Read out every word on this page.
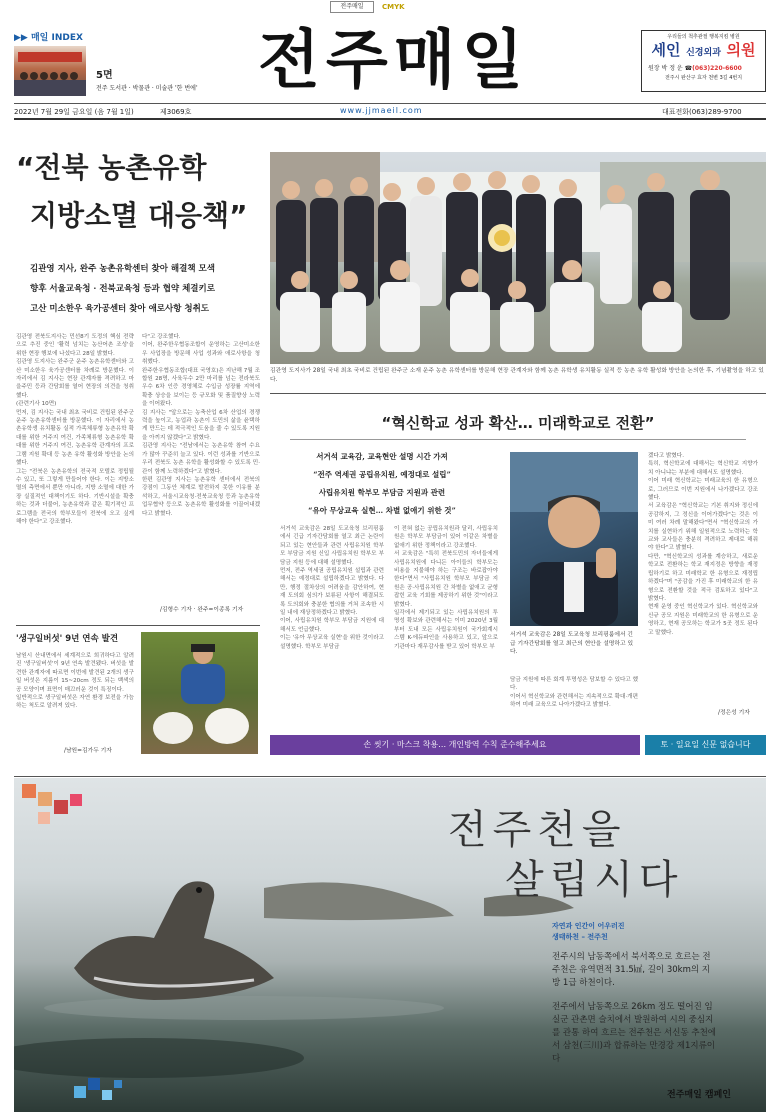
전주매일	CMYK
▶▶ 매일 INDEX
5면
전주 도서관 · 박물관 · 미술관 '한 번에' 전주매일	우리들의 척추관절 행복지킴 병원
세인 신경외과 의원
원장 박 정 운 ☎(063)220-6600
전주시 완산구 효자 천변 3길 4번지
2022년 7월 29일 금요일 (음 7월 1일)	제3069호	www.jjmaeil.com	대표전화(063)289-9700
“전북 농촌유학
지방소멸 대응책”
김관영 지사, 완주 농촌유학센터 찾아 해결책 모색
향후 서울교육청 · 전북교육청 등과 협약 체결키로
고산 미소한우 육가공센터 찾아 애로사항 청취도
김관영 전북도지사는 민선8기 도정의 핵심 전략으로 추진 중인 '활력 넘치는 농산어촌 조성'을 위한 현장 행보에 나섰다고 28일 밝혔다.
김관영 도지사는 완주군 운주 농촌유학센터와 고산 미소한우 육가공센터를 차례로 방문했다. 이 자리에서 김 지사는 현장 관계자를 격려하고 마을주민 등과 간담회를 열어 현장의 의견을 청취했다.
(관련기사 10면)
먼저, 김 지사는 국내 최초 국비로 건립된 완주군 운주 농촌유학센터를 방문했다. 이 자리에서 농촌유학생 유치활동 실적 가족체류형 농촌유학 확대를 위한 거주지 여건, 가족체류형 농촌유학 확대를 위한 거주지 여건, 농촌유학 관계자의 프로그램 지원 확대 등 농촌 유학 활성화 방안을 논의했다.
그는 "전북은 농촌유학의 전국적 모델로 정립될 수 있고, 또 그렇게 만들어야 한다. 이는 지방소멸의 측면에서 뿐만 아니라, 지방 소멸에 대한 가장 실질적인 대책이기도 하다. 기반시설을 확충하는 것과 더불어, 농촌유학과 같은 획기적인 프로그램을 전국의 학부모들이 전북에 오고 싶게 해야 한다"고 강조했다.
다"고 강조했다.
이어, 완주한우협동조합이 운영하는 고산미소한우 사업장을 방문해 사업 성과와 애로사항을 청취했다.
완주한우협동조합(대표 국영호)은 지난해 7월 조합원 28명, 사육두수 2만 마리를 넘는 전라북도 우수 6차 인증 경영체로 수입금 성장률 지역에 확충 상승을 보이는 등 규모화 및 품질향상 노력을 이어왔다.
김 지사는 "앞으로는 농축산업 6차 산업의 경쟁력을 높이고, 농업과 농촌이 도민의 삶을 윤택하게 만드는 데 적극적인 도움을 줄 수 있도록 지원을 아끼지 않겠다"고 밝혔다.
김관영 지사는 "전남에서는 농촌유학 참여 수요가 많아 꾸준히 늘고 있다. 이런 성과를 기반으로 우리 전북도 농촌 유학을 활성화할 수 있도록 민·관이 함께 노력하겠다"고 밝혔다.
한편 김관영 지사는 농촌유학 센터에서 전북의 강점이 그동안 체계로 발전하지 못한 이유를 분석하고, 서울시교육청·전북교육청 등과 농촌유학 업무협약 등으로 농촌유학 활성화를 이끌어내겠다고 밝혔다.
/김형수 기자 · 완주=이종록 기자
김관영 도지사가 28일 국내 최초 국비로 건립된 완주군 소재 운주 농촌 유학센터를 방문해 현장 관계자와 함께 농촌 유학생 유치활동 실적 등 농촌 유학 활성화 방안을 논의한 후, 기념촬영을 하고 있다.
'생구일버섯' 9년 연속 발견
남원시 산내면에서 세계적으로 희귀하다고 알려진 '생구일버섯'이 9년 연속 발견됐다. 버섯을 발견한 관계자에 따르면 이번에 발견된 2개의 생구일 버섯은 지름이 15~20cm 정도 되는 백색의 공 모양이며 표면이 매끄러운 것이 특징이다.
일반적으로 생구일버섯은 자연 환경 보전을 가늠하는 척도로 알려져 있다.
/남원=김가두 기자
“혁신학교 성과 확산… 미래학교로 전환”
서거석 교육감, 교육현안 설명 시간 가져
“전주 역세권 공립유치원, 예정대로 설립”
사립유치원 학부모 부담금 지원과 관련
“유아 무상교육 실현… 차별 없애기 위한 것”
서거석 교육감은 28일 도교육청 브리핑룸에서 긴급 기자간담회를 열고 최근 논란이 되고 있는 현안들과 관련 사립유치원 학부모 부담금 지원 신입 사립유치원 학부모 부담금 지원 등에 대해 설명했다.
먼저, 전주 역세권 공립유치원 설립과 관련해서는 예정대로 설립하겠다고 밝혔다. 다만, 행정 절차상의 어려움을 감안하여, 현재 도의회 심의가 보류된 사항이 해결되도록 도의회와 충분한 협의를 거쳐 조속한 시일 내에 재상정하겠다고 밝혔다.
이어, 사립유치원 학부모 부담금 지원에 대해서도 언급했다.
이는 '유아 무상교육 실현'을 위한 것이라고 설명했다. 학부모 부담금
이 전혀 없는 공립유치원과 달리, 사립유치원은 학부모 부담금이 있어 이같은 차별을 없애기 위한 정책이라고 강조했다.
서 교육감은 "특히 전북도민의 자녀들에게 사립유치원에 다니든 아이들의 학부모는 비용을 지불해야 하는 구조는 바로잡아야 한다"면서 "사립유치원 학부모 부담금 지원은 공·사립유치원 간 차별을 없애고 균형잡힌 교육 기회를 제공하기 위한 것"이라고 밝혔다.
일각에서 제기되고 있는 사립유치원의 투명성 확보와 관련해서는 이미 2020년 3월부터 도내 모든 사립유치원이 국가회계시스템 K-에듀파인을 사용하고 있고, 앞으로 기관마다 재무감사를 받고 있어 학부모 부
서거석 교육감은 28일 도교육청 브리핑룸에서 긴급 기자간담회를 열고 최근의 현안을 설명하고 있다.
담금 지원에 따른 회계 투명성은 담보할 수 있다고 했다.
이어서 혁신학교와 관련해서는 지속적으로 확대·개편하여 미래 교육으로 나아가겠다고 밝혔다.
겠다고 밝혔다.
특히, 혁신학교에 대해서는 혁신학교 지향가치 아니냐는 부분에 대해서도 설명했다.
이어 미래 혁신학교는 미래교육의 한 유형으로, 그러므로 이번 지원에서 나가겠다고 강조했다.
서 교육감은 "혁신학교는 기본 취지와 정신에 공감하지, 그 정신을 이어가겠다"는 것은 이미 여러 차례 말해왔다"면서 "혁신학교의 가치를 실현하기 위해 일원적으로 노력하는 학교와 교사들은 충분히 격려하고 제대로 해줘야 한다"고 밝혔다.
다만, "혁신학교의 성과를 계승하고, 새로운 학교로 전환하는 학교 재지정은 방향을 재정립하기로 하고 미래학교 한 유형으로 재정립하겠다"며 "공감을 가진 후 미래학교의 한 유형으로 전환할 것을 적극 검토하고 있다"고 밝혔다.
현재 운영 중인 혁신학교가 있다. 혁신학교와 신규 공모 지원은 미래학교의 한 유형으로 운영하고, 현재 공모하는 학교가 5곳 정도 된다고 말했다.
/정은성 기자
손 씻기 · 마스크 착용… 개인방역 수칙 준수해주세요	토 · 일요일 신문 없습니다
전주천을
살립시다
자연과 인간이 어우러진
생태하천 – 전주천
전주시의 남동쪽에서 북서쪽으로 흐르는 전주천은 유역면적 31.5㎢, 길이 30km의 지방 1급 하천이다.
전주에서 남동쪽으로 26km 정도 떨어진 임실군 관촌면 슬치에서 발원하여 시의 중심지를 관통 하여 흐르는 전주천은 서신동 추천에서 삼천(三川)과 합류하는 만경강 제1지류이다
전주매일 캠페인
